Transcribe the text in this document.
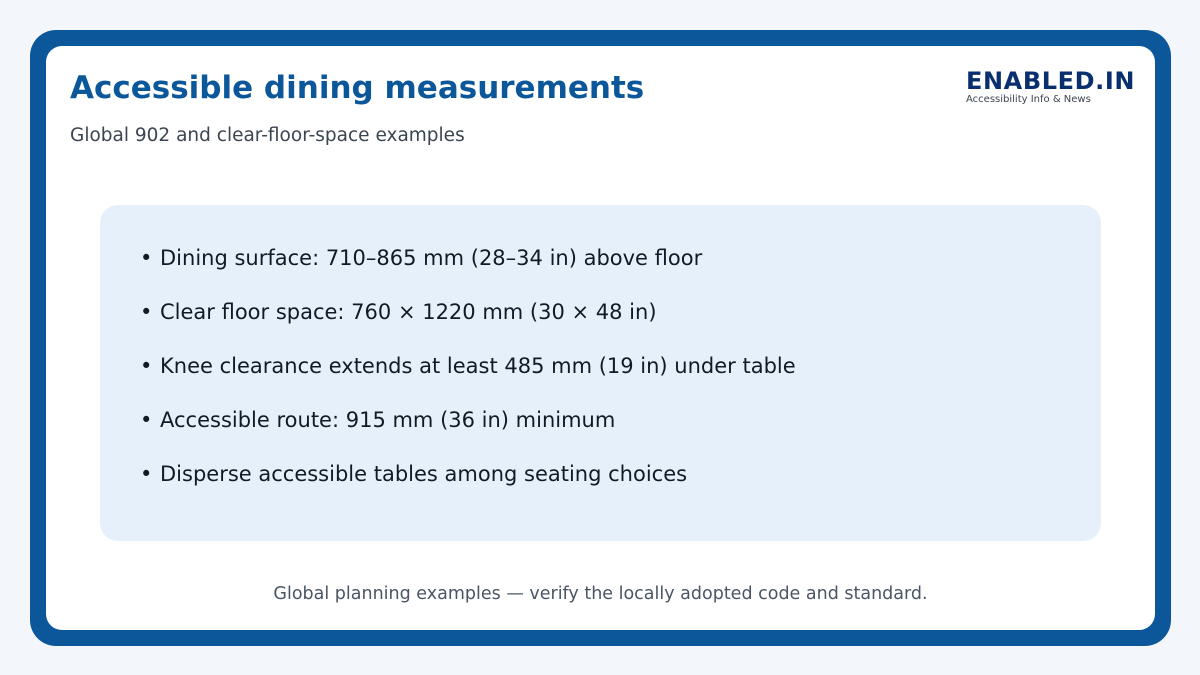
Accessible dining measurements

Global 902 and clear-floor-space examples

ENABLED.IN
Accessibility Info & News
• Dining surface: 710–865 mm (28–34 in) above floor
• Clear floor space: 760 × 1220 mm (30 × 48 in)
• Knee clearance extends at least 485 mm (19 in) under table
• Accessible route: 915 mm (36 in) minimum
• Disperse accessible tables among seating choices

Global planning examples — verify the locally adopted code and standard.
